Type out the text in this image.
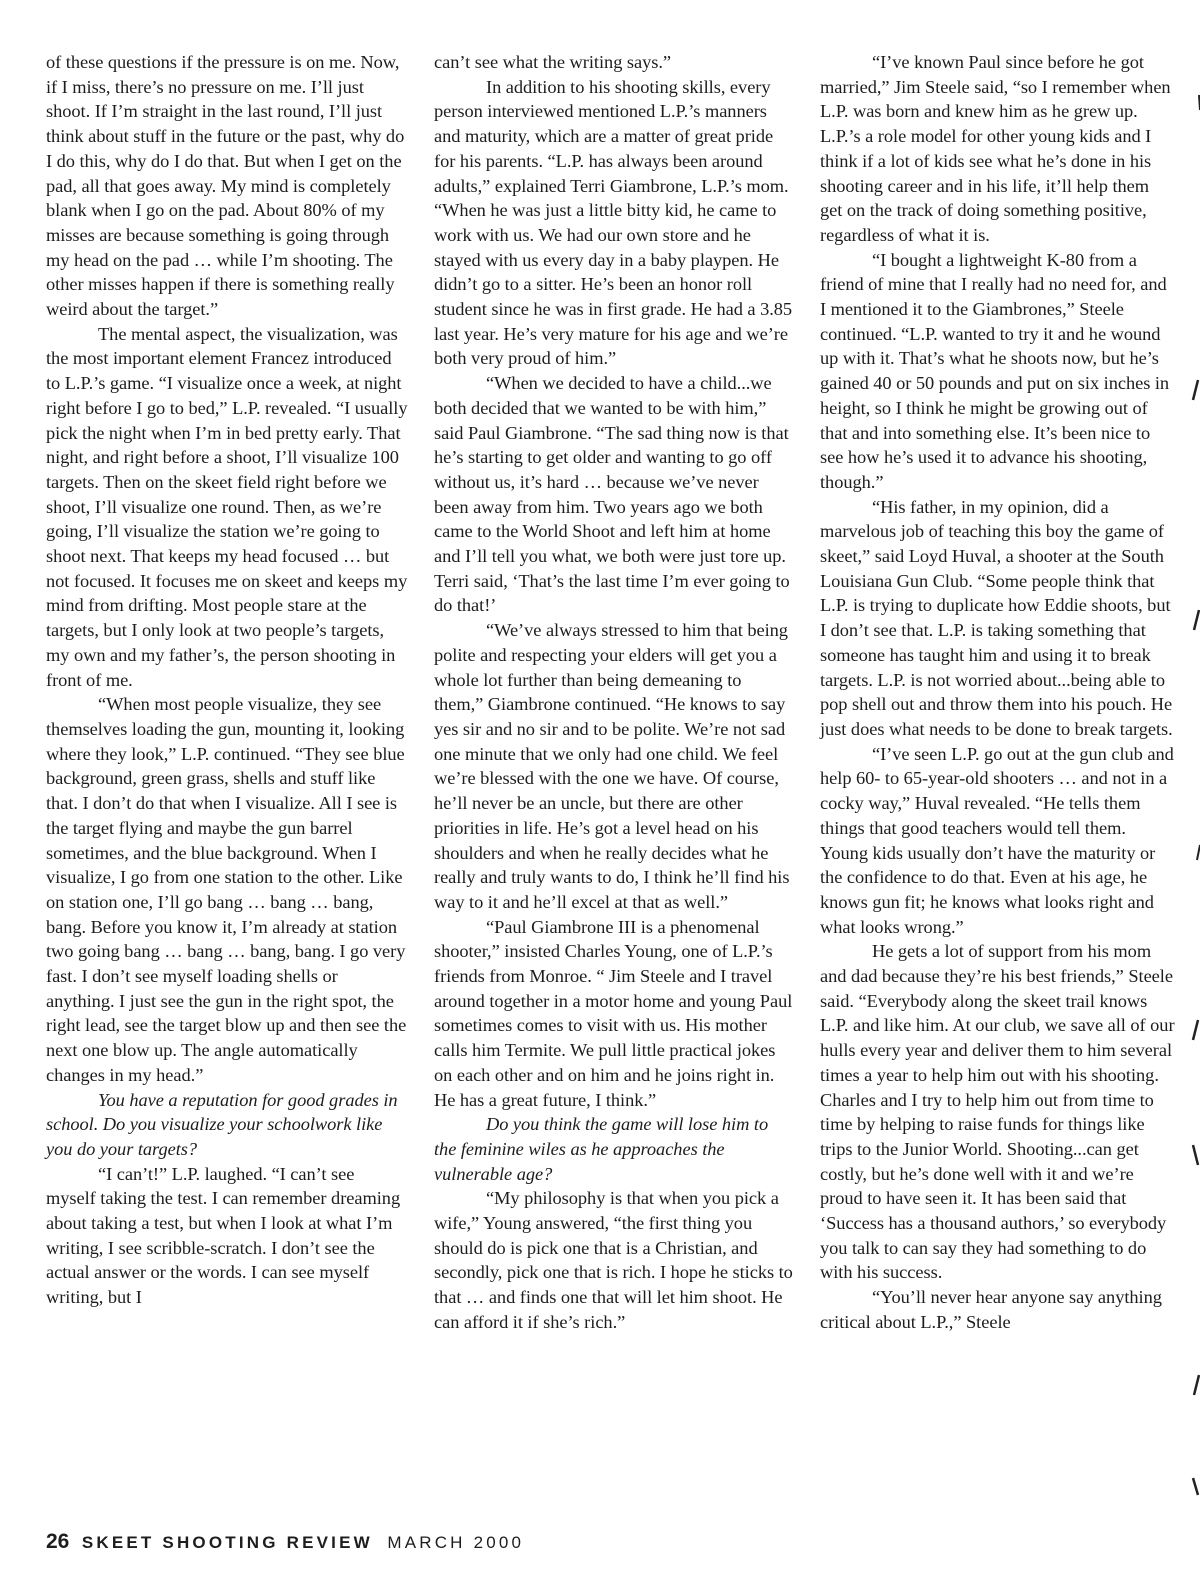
of these questions if the pressure is on me. Now, if I miss, there’s no pressure on me. I’ll just shoot. If I’m straight in the last round, I’ll just think about stuff in the future or the past, why do I do this, why do I do that. But when I get on the pad, all that goes away. My mind is completely blank when I go on the pad. About 80% of my misses are because something is going through my head on the pad … while I’m shooting. The other misses happen if there is something really weird about the target.”

The mental aspect, the visualization, was the most important element Francez introduced to L.P.’s game. “I visualize once a week, at night right before I go to bed,” L.P. revealed. “I usually pick the night when I’m in bed pretty early. That night, and right before a shoot, I’ll visualize 100 targets. Then on the skeet field right before we shoot, I’ll visualize one round. Then, as we’re going, I’ll visualize the station we’re going to shoot next. That keeps my head focused … but not focused. It focuses me on skeet and keeps my mind from drifting. Most people stare at the targets, but I only look at two people’s targets, my own and my father’s, the person shooting in front of me.

“When most people visualize, they see themselves loading the gun, mounting it, looking where they look,” L.P. continued. “They see blue background, green grass, shells and stuff like that. I don’t do that when I visualize. All I see is the target flying and maybe the gun barrel sometimes, and the blue background. When I visualize, I go from one station to the other. Like on station one, I’ll go bang … bang … bang, bang. Before you know it, I’m already at station two going bang … bang … bang, bang. I go very fast. I don’t see myself loading shells or anything. I just see the gun in the right spot, the right lead, see the target blow up and then see the next one blow up. The angle automatically changes in my head.”

You have a reputation for good grades in school. Do you visualize your schoolwork like you do your targets?

“I can’t!” L.P. laughed. “I can’t see myself taking the test. I can remember dreaming about taking a test, but when I look at what I’m writing, I see scribble-scratch. I don’t see the actual answer or the words. I can see myself writing, but I

can’t see what the writing says.”

In addition to his shooting skills, every person interviewed mentioned L.P.’s manners and maturity, which are a matter of great pride for his parents. “L.P. has always been around adults,” explained Terri Giambrone, L.P.’s mom. “When he was just a little bitty kid, he came to work with us. We had our own store and he stayed with us every day in a baby playpen. He didn’t go to a sitter. He’s been an honor roll student since he was in first grade. He had a 3.85 last year. He’s very mature for his age and we’re both very proud of him.”

“When we decided to have a child...we both decided that we wanted to be with him,” said Paul Giambrone. “The sad thing now is that he’s starting to get older and wanting to go off without us, it’s hard … because we’ve never been away from him. Two years ago we both came to the World Shoot and left him at home and I’ll tell you what, we both were just tore up. Terri said, ‘That’s the last time I’m ever going to do that!’

“We’ve always stressed to him that being polite and respecting your elders will get you a whole lot further than being demeaning to them,” Giambrone continued. “He knows to say yes sir and no sir and to be polite. We’re not sad one minute that we only had one child. We feel we’re blessed with the one we have. Of course, he’ll never be an uncle, but there are other priorities in life. He’s got a level head on his shoulders and when he really decides what he really and truly wants to do, I think he’ll find his way to it and he’ll excel at that as well.”

“Paul Giambrone III is a phenomenal shooter,” insisted Charles Young, one of L.P.’s friends from Monroe. “ Jim Steele and I travel around together in a motor home and young Paul sometimes comes to visit with us. His mother calls him Termite. We pull little practical jokes on each other and on him and he joins right in. He has a great future, I think.”

Do you think the game will lose him to the feminine wiles as he approaches the vulnerable age?

“My philosophy is that when you pick a wife,” Young answered, “the first thing you should do is pick one that is a Christian, and secondly, pick one that is rich. I hope he sticks to that … and finds one that will let him shoot. He can afford it if she’s rich.”

“I’ve known Paul since before he got married,” Jim Steele said, “so I remember when L.P. was born and knew him as he grew up. L.P.’s a role model for other young kids and I think if a lot of kids see what he’s done in his shooting career and in his life, it’ll help them get on the track of doing something positive, regardless of what it is.

“I bought a lightweight K-80 from a friend of mine that I really had no need for, and I mentioned it to the Giambrones,” Steele continued. “L.P. wanted to try it and he wound up with it. That’s what he shoots now, but he’s gained 40 or 50 pounds and put on six inches in height, so I think he might be growing out of that and into something else. It’s been nice to see how he’s used it to advance his shooting, though.”

“His father, in my opinion, did a marvelous job of teaching this boy the game of skeet,” said Loyd Huval, a shooter at the South Louisiana Gun Club. “Some people think that L.P. is trying to duplicate how Eddie shoots, but I don’t see that. L.P. is taking something that someone has taught him and using it to break targets. L.P. is not worried about...being able to pop shell out and throw them into his pouch. He just does what needs to be done to break targets.

“I’ve seen L.P. go out at the gun club and help 60- to 65-year-old shooters … and not in a cocky way,” Huval revealed. “He tells them things that good teachers would tell them. Young kids usually don’t have the maturity or the confidence to do that. Even at his age, he knows gun fit; he knows what looks right and what looks wrong.”

He gets a lot of support from his mom and dad because they’re his best friends,” Steele said. “Everybody along the skeet trail knows L.P. and like him. At our club, we save all of our hulls every year and deliver them to him several times a year to help him out with his shooting. Charles and I try to help him out from time to time by helping to raise funds for things like trips to the Junior World. Shooting...can get costly, but he’s done well with it and we’re proud to have seen it. It has been said that ‘Success has a thousand authors,’ so everybody you talk to can say they had something to do with his success.

“You’ll never hear anyone say anything critical about L.P.,” Steele

26 SKEET SHOOTING REVIEW MARCH 2000
